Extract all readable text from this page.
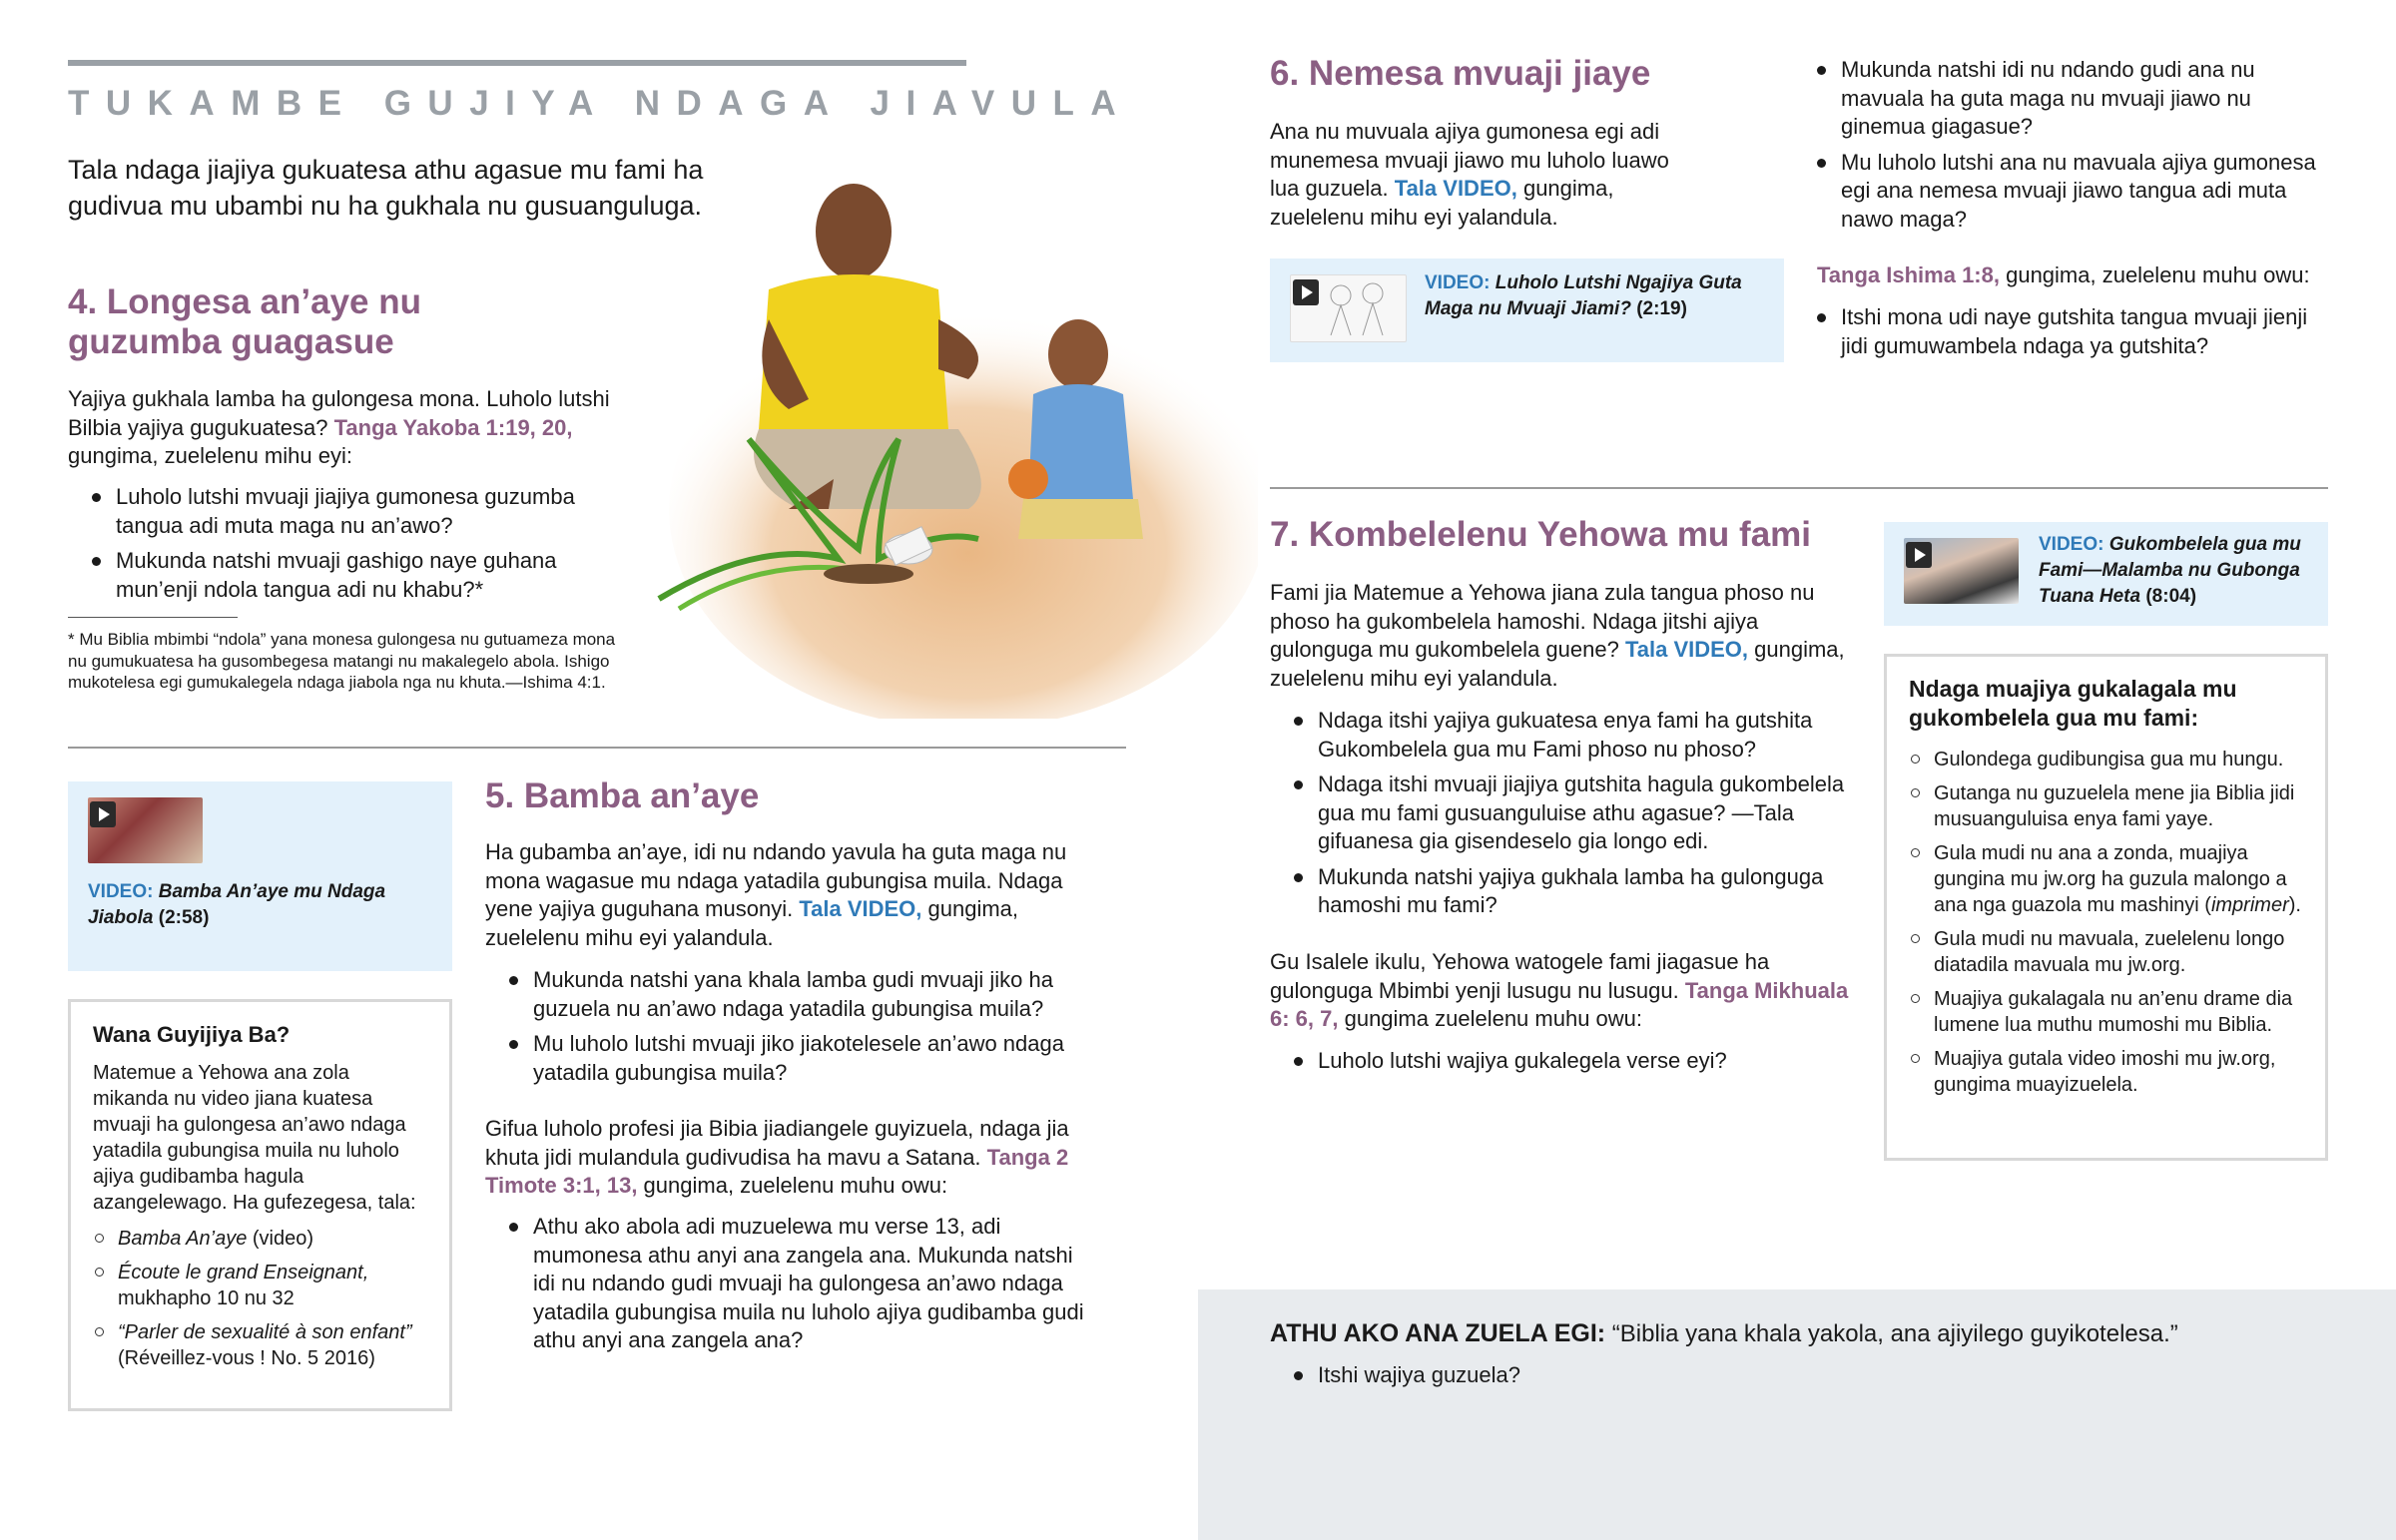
TUKAMBE GUJIYA NDAGA JIAVULA

Tala ndaga jiajiya gukuatesa athu agasue mu fami ha gudivua mu ubambi nu ha gukhala nu gusuanguluga.

4. Longesa an’aye nu guzumba guagasue

Yajiya gukhala lamba ha gulongesa mona. Luholo lutshi Bilbia yajiya gugukuatesa? Tanga Yakoba 1:19, 20, gungima, zuelelenu mihu eyi:

Luholo lutshi mvuaji jiajiya gumonesa guzumba tangua adi muta maga nu an’awo?
Mukunda natshi mvuaji gashigo naye guhana mun’enji ndola tangua adi nu khabu?*

* Mu Biblia mbimbi “ndola” yana monesa gulongesa nu gutuameza mona nu gumukuatesa ha gusombegesa matangi nu makalegelo abola. Ishigo mukotelesa egi gumukalegela ndaga jiabola nga nu khuta.—Ishima 4:1.

VIDEO: Bamba An’aye mu Ndaga Jiabola (2:58)
Wana Guyijiya Ba?

Matemue a Yehowa ana zola mikanda nu video jiana kuatesa mvuaji ha gulongesa an’awo ndaga yatadila gubungisa muila nu luholo ajiya gudibamba hagula azangelewago. Ha gufezegesa, tala:

Bamba An’aye (video)
Écoute le grand Enseignant, mukhapho 10 nu 32
“Parler de sexualité à son enfant” (Réveillez-vous ! No. 5 2016)
5. Bamba an’aye

Ha gubamba an’aye, idi nu ndando yavula ha guta maga nu mona wagasue mu ndaga yatadila gubungisa muila. Ndaga yene yajiya guguhana musonyi. Tala VIDEO, gungima, zuelelenu mihu eyi yalandula.

Mukunda natshi yana khala lamba gudi mvuaji jiko ha guzuela nu an’awo ndaga yatadila gubungisa muila?
Mu luholo lutshi mvuaji jiko jiakotelesele an’awo ndaga yatadila gubungisa muila?

Gifua luholo profesi jia Bibia jiadiangele guyizuela, ndaga jia khuta jidi mulandula gudivudisa ha mavu a Satana. Tanga 2 Timote 3:1, 13, gungima, zuelelenu muhu owu:

Athu ako abola adi muzuelewa mu verse 13, adi mumonesa athu anyi ana zangela ana. Mukunda natshi idi nu ndando gudi mvuaji ha gulongesa an’awo ndaga yatadila gubungisa muila nu luholo ajiya gudibamba gudi athu anyi ana zangela ana?
6. Nemesa mvuaji jiaye

Ana nu muvuala ajiya gumonesa egi adi munemesa mvuaji jiawo mu luholo luawo lua guzuela. Tala VIDEO, gungima, zuelelenu mihu eyi yalandula.

VIDEO: Luholo Lutshi Ngajiya Guta Maga nu Mvuaji Jiami? (2:19)
Mukunda natshi idi nu ndando gudi ana nu mavuala ha guta maga nu mvuaji jiawo nu ginemua giagasue?
Mu luholo lutshi ana nu mavuala ajiya gumonesa egi ana nemesa mvuaji jiawo tangua adi muta nawo maga?

Tanga Ishima 1:8, gungima, zuelelenu muhu owu:

Itshi mona udi naye gutshita tangua mvuaji jienji jidi gumuwambela ndaga ya gutshita?
7. Kombelelenu Yehowa mu fami

Fami jia Matemue a Yehowa jiana zula tangua phoso nu phoso ha gukombelela hamoshi. Ndaga jitshi ajiya gulonguga mu gukombelela guene? Tala VIDEO, gungima, zuelelenu mihu eyi yalandula.

Ndaga itshi yajiya gukuatesa enya fami ha gutshita Gukombelela gua mu Fami phoso nu phoso?
Ndaga itshi mvuaji jiajiya gutshita hagula gukombelela gua mu fami gusuanguluise athu agasue? —Tala gifuanesa gia gisendeselo gia longo edi.
Mukunda natshi yajiya gukhala lamba ha gulonguga hamoshi mu fami?

Gu Isalele ikulu, Yehowa watogele fami jiagasue ha gulonguga Mbimbi yenji lusugu nu lusugu. Tanga Mikhuala 6: 6, 7, gungima zuelelenu muhu owu:

Luholo lutshi wajiya gukalegela verse eyi?
VIDEO: Gukombelela gua mu Fami—Malamba nu Gubonga Tuana Heta (8:04)
Ndaga muajiya gukalagala mu gukombelela gua mu fami:
Gulondega gudibungisa gua mu hungu.
Gutanga nu guzuelela mene jia Biblia jidi musuanguluisa enya fami yaye.
Gula mudi nu ana a zonda, muajiya gungina mu jw.org ha guzula malongo a ana nga guazola mu mashinyi (imprimer).
Gula mudi nu mavuala, zuelelenu longo diatadila mavuala mu jw.org.
Muajiya gukalagala nu an’enu drame dia lumene lua muthu mumoshi mu Biblia.
Muajiya gutala video imoshi mu jw.org, gungima muayizuelela.

ATHU AKO ANA ZUELA EGI: “Biblia yana khala yakola, ana ajiyilego guyikotelesa.”

Itshi wajiya guzuela?
